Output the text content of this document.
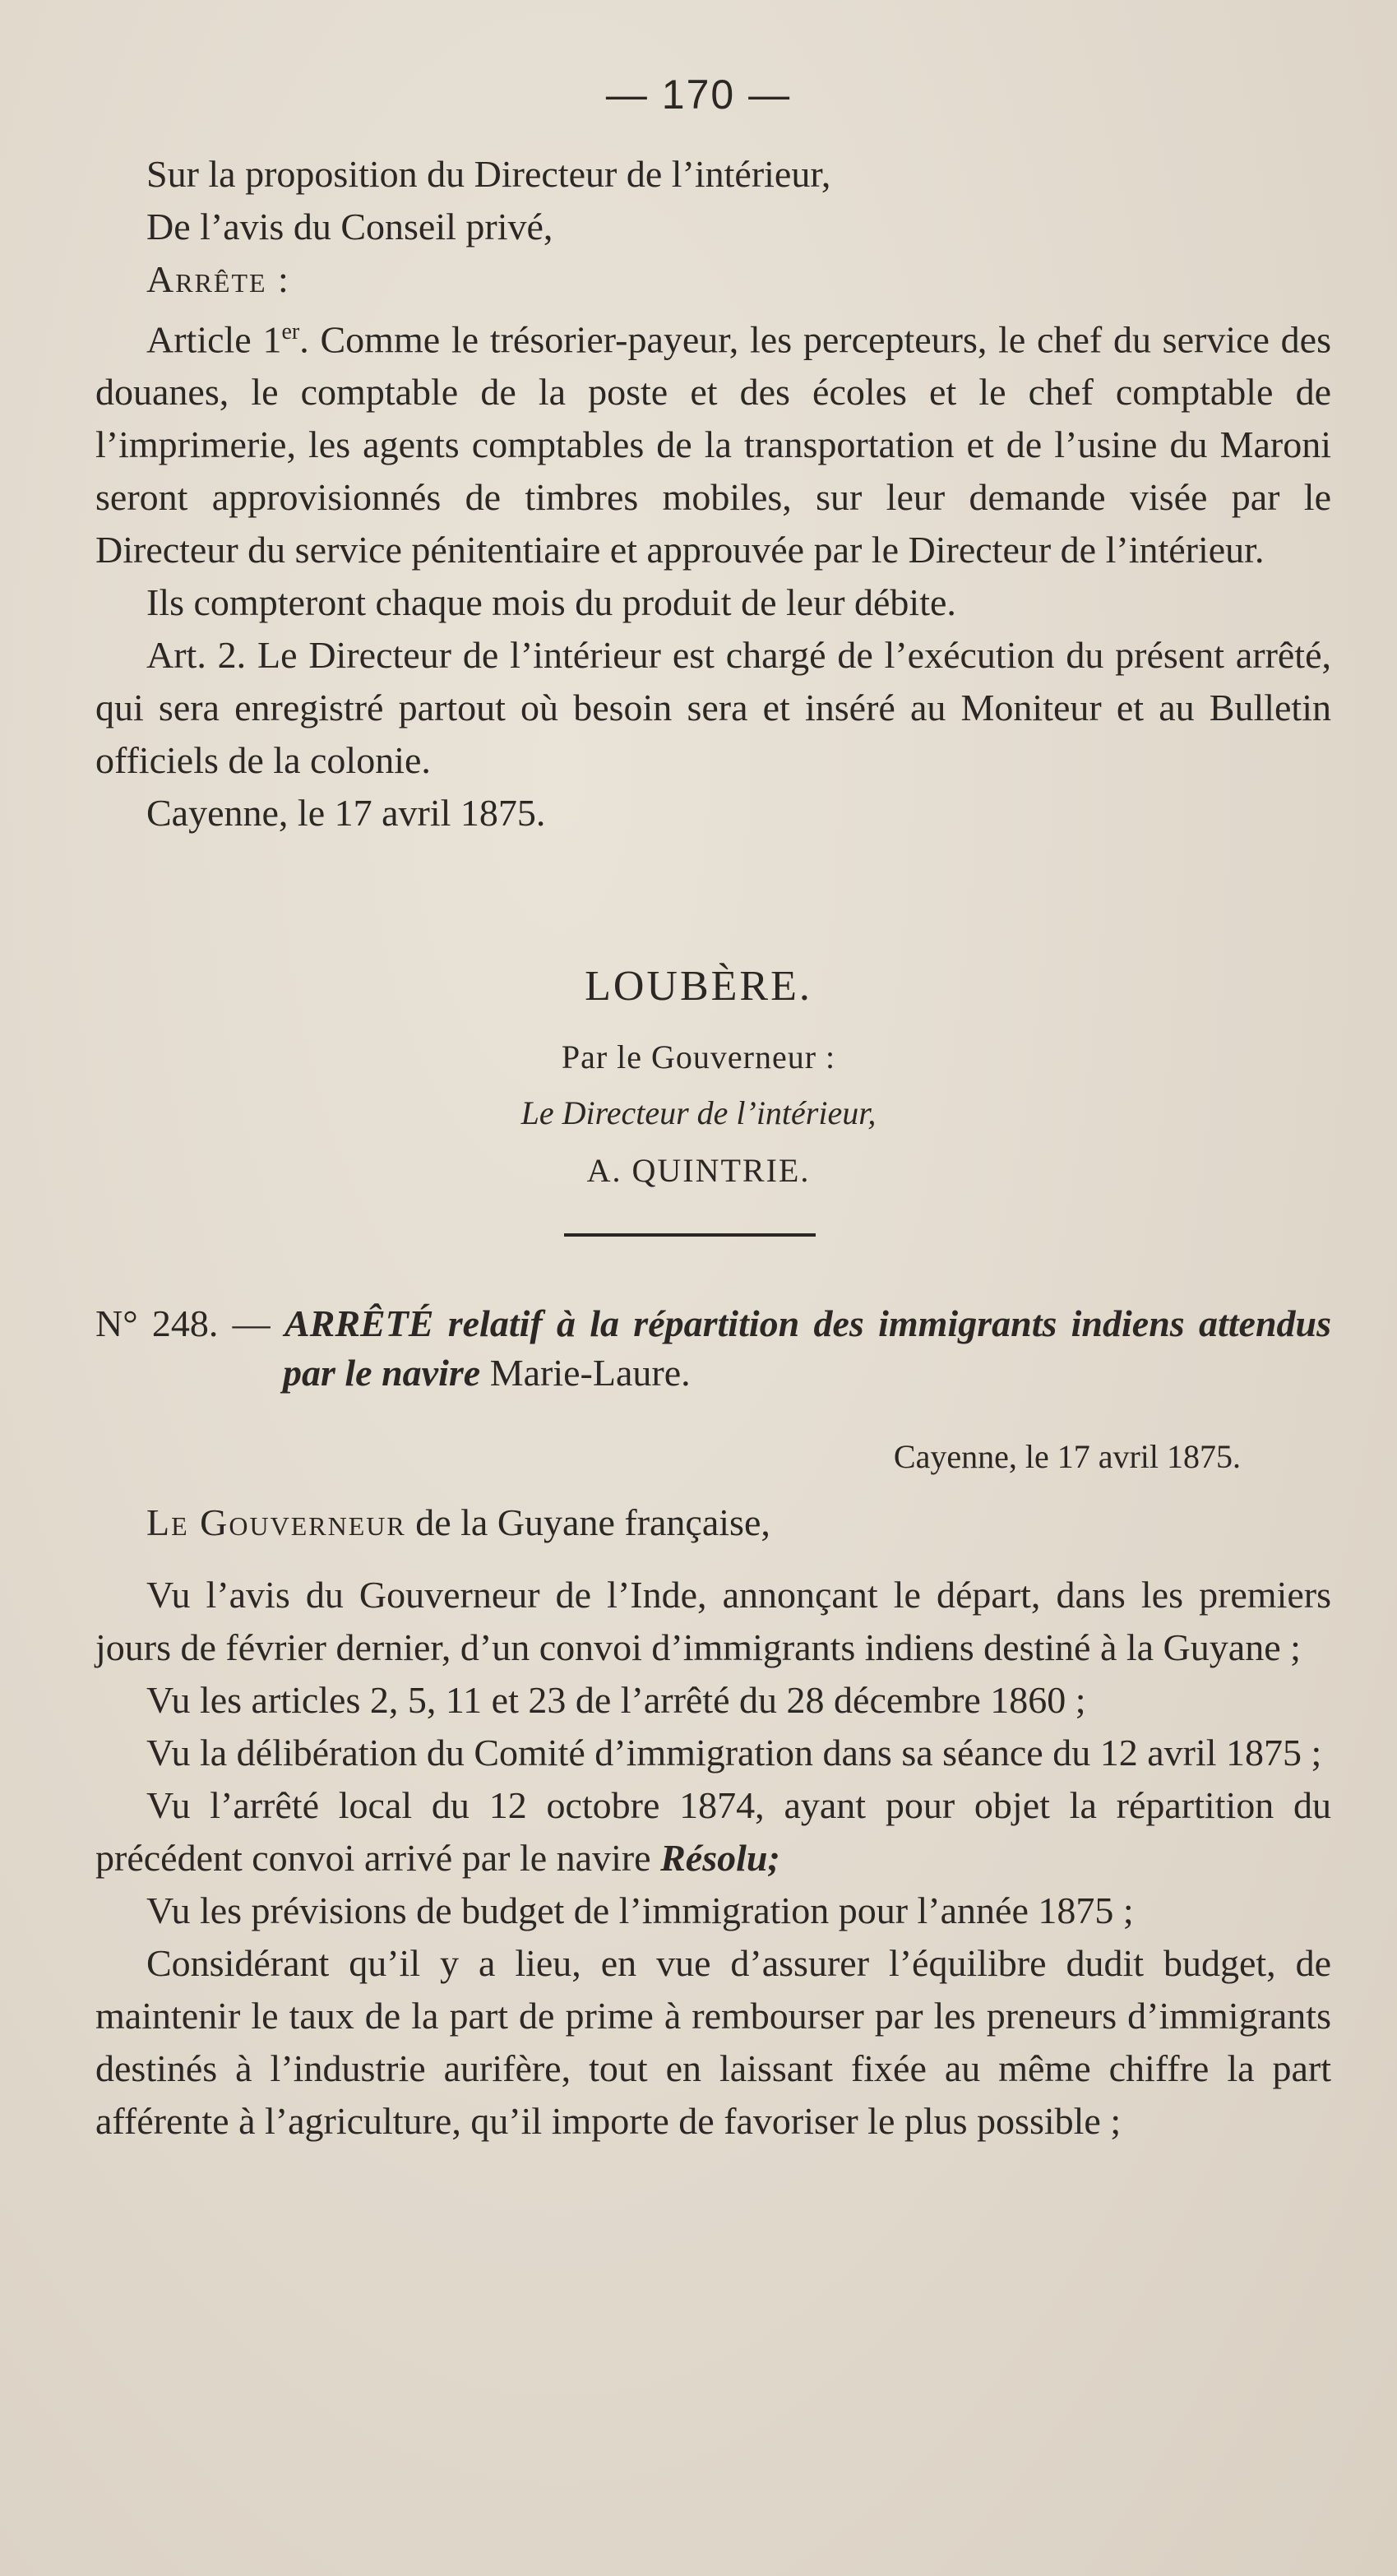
— 170 —

Sur la proposition du Directeur de l’intérieur,

De l’avis du Conseil privé,

Arrête :

Article 1er. Comme le trésorier-payeur, les percepteurs, le chef du service des douanes, le comptable de la poste et des écoles et le chef comptable de l’imprimerie, les agents comptables de la transportation et de l’usine du Maroni seront approvisionnés de timbres mobiles, sur leur demande visée par le Directeur du service pénitentiaire et approuvée par le Directeur de l’intérieur.

Ils compteront chaque mois du produit de leur débite.

Art. 2. Le Directeur de l’intérieur est chargé de l’exécution du présent arrêté, qui sera enregistré partout où besoin sera et inséré au Moniteur et au Bulletin officiels de la colonie.

Cayenne, le 17 avril 1875.

LOUBÈRE.
Par le Gouverneur :
Le Directeur de l’intérieur,
A. QUINTRIE.
N° 248. — ARRÊTÉ relatif à la répartition des immigrants indiens attendus par le navire Marie-Laure.
Cayenne, le 17 avril 1875.

Le Gouverneur de la Guyane française,

Vu l’avis du Gouverneur de l’Inde, annonçant le départ, dans les premiers jours de février dernier, d’un convoi d’immigrants indiens destiné à la Guyane ;

Vu les articles 2, 5, 11 et 23 de l’arrêté du 28 décembre 1860 ;

Vu la délibération du Comité d’immigration dans sa séance du 12 avril 1875 ;

Vu l’arrêté local du 12 octobre 1874, ayant pour objet la répartition du précédent convoi arrivé par le navire Résolu;

Vu les prévisions de budget de l’immigration pour l’année 1875 ;

Considérant qu’il y a lieu, en vue d’assurer l’équilibre dudit budget, de maintenir le taux de la part de prime à rembourser par les preneurs d’immigrants destinés à l’industrie aurifère, tout en laissant fixée au même chiffre la part afférente à l’agriculture, qu’il importe de favoriser le plus possible ;
